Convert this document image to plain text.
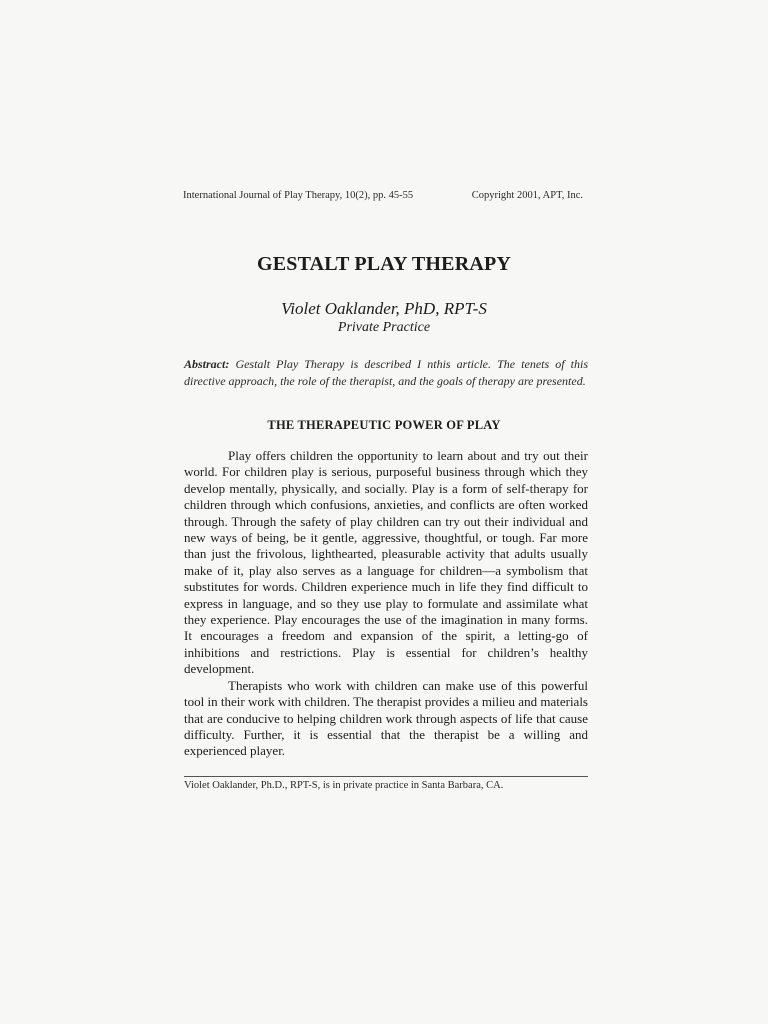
International Journal of Play Therapy, 10(2), pp. 45-55	Copyright 2001, APT, Inc.
GESTALT PLAY THERAPY
Violet Oaklander, PhD, RPT-S
Private Practice
Abstract: Gestalt Play Therapy is described I nthis article. The tenets of this directive approach, the role of the therapist, and the goals of therapy are presented.
THE THERAPEUTIC POWER OF PLAY

Play offers children the opportunity to learn about and try out their world. For children play is serious, purposeful business through which they develop mentally, physically, and socially. Play is a form of self-therapy for children through which confusions, anxieties, and conflicts are often worked through. Through the safety of play children can try out their individual and new ways of being, be it gentle, aggressive, thoughtful, or tough. Far more than just the frivolous, lighthearted, pleasurable activity that adults usually make of it, play also serves as a language for children—a symbolism that substitutes for words. Children experience much in life they find difficult to express in language, and so they use play to formulate and assimilate what they experience. Play encourages the use of the imagination in many forms. It encourages a freedom and expansion of the spirit, a letting-go of inhibitions and restrictions. Play is essential for children’s healthy development.

Therapists who work with children can make use of this powerful tool in their work with children. The therapist provides a milieu and materials that are conducive to helping children work through aspects of life that cause difficulty. Further, it is essential that the therapist be a willing and experienced player.

Violet Oaklander, Ph.D., RPT-S, is in private practice in Santa Barbara, CA.
